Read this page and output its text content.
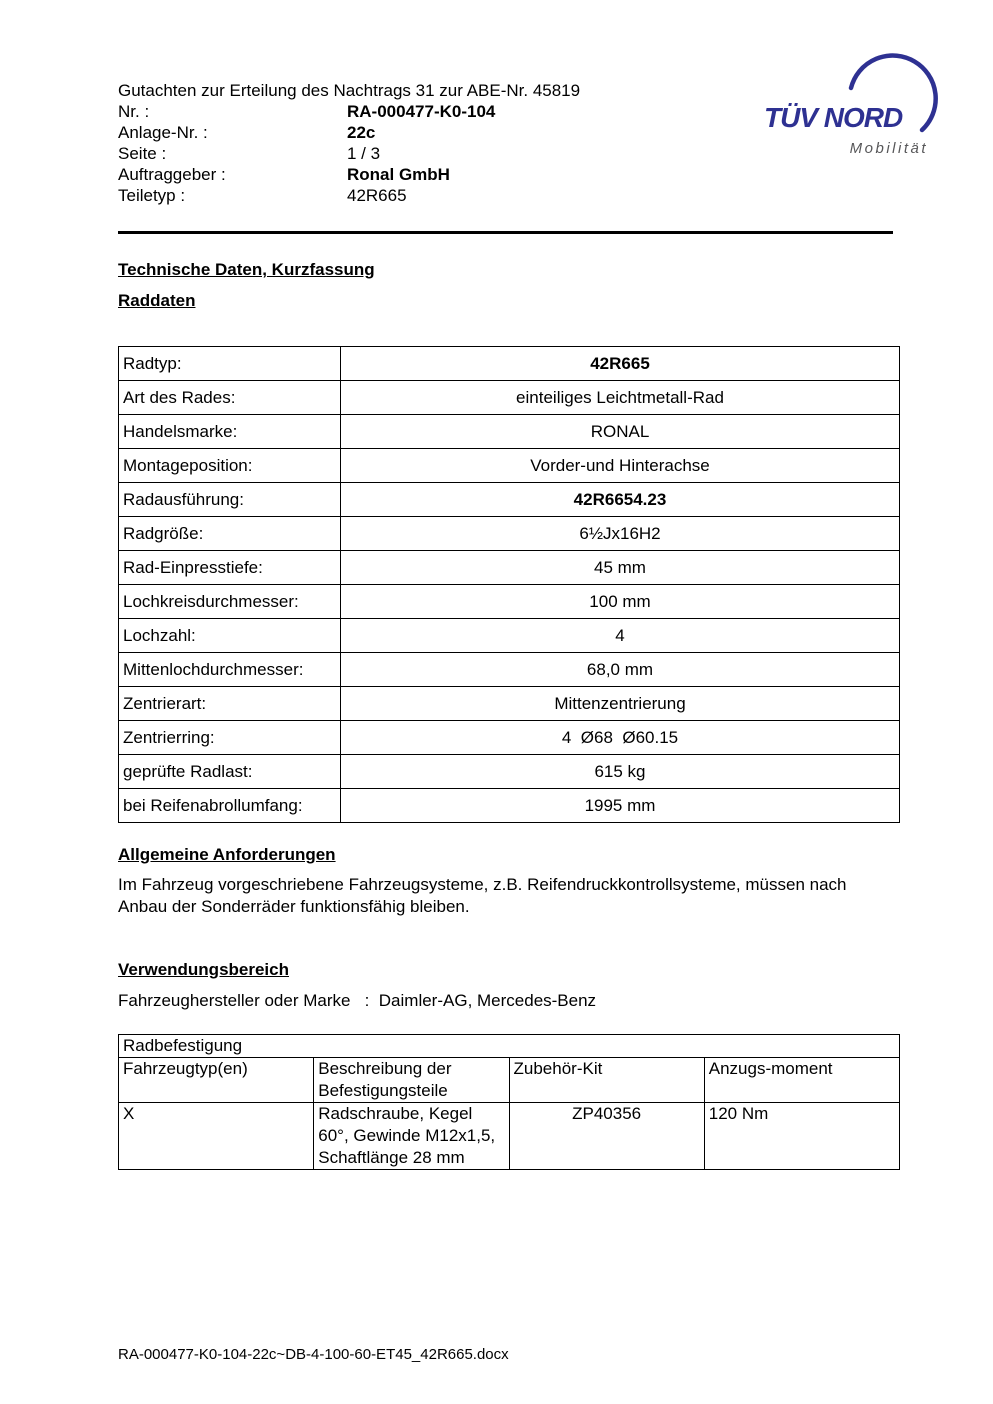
Gutachten zur Erteilung des Nachtrags 31 zur ABE-Nr. 45819
Nr. :	RA-000477-K0-104
Anlage-Nr. :	22c
Seite :	1 / 3
Auftraggeber :	Ronal GmbH
Teiletyp :	42R665
TÜV NORD
Mobilität
Technische Daten, Kurzfassung
Raddaten
Radtyp:	42R665
Art des Rades:	einteiliges Leichtmetall-Rad
Handelsmarke:	RONAL
Montageposition:	Vorder-und Hinterachse
Radausführung:	42R6654.23
Radgröße:	6½Jx16H2
Rad-Einpresstiefe:	45 mm
Lochkreisdurchmesser:	100 mm
Lochzahl:	4
Mittenlochdurchmesser:	68,0 mm
Zentrierart:	Mittenzentrierung
Zentrierring:	4  Ø68  Ø60.15
geprüfte Radlast:	615 kg
bei Reifenabrollumfang:	1995 mm
Allgemeine Anforderungen

Im Fahrzeug vorgeschriebene Fahrzeugsysteme, z.B. Reifendruckkontrollsysteme, müssen nach Anbau der Sonderräder funktionsfähig bleiben.

Verwendungsbereich

Fahrzeughersteller oder Marke   :  Daimler-AG, Mercedes-Benz

Radbefestigung			
Fahrzeugtyp(en)	Beschreibung der Befestigungsteile	Zubehör-Kit	Anzugs-moment
X	Radschraube, Kegel 60°, Gewinde M12x1,5, Schaftlänge 28 mm	ZP40356	120 Nm
RA-000477-K0-104-22c~DB-4-100-60-ET45_42R665.docx
